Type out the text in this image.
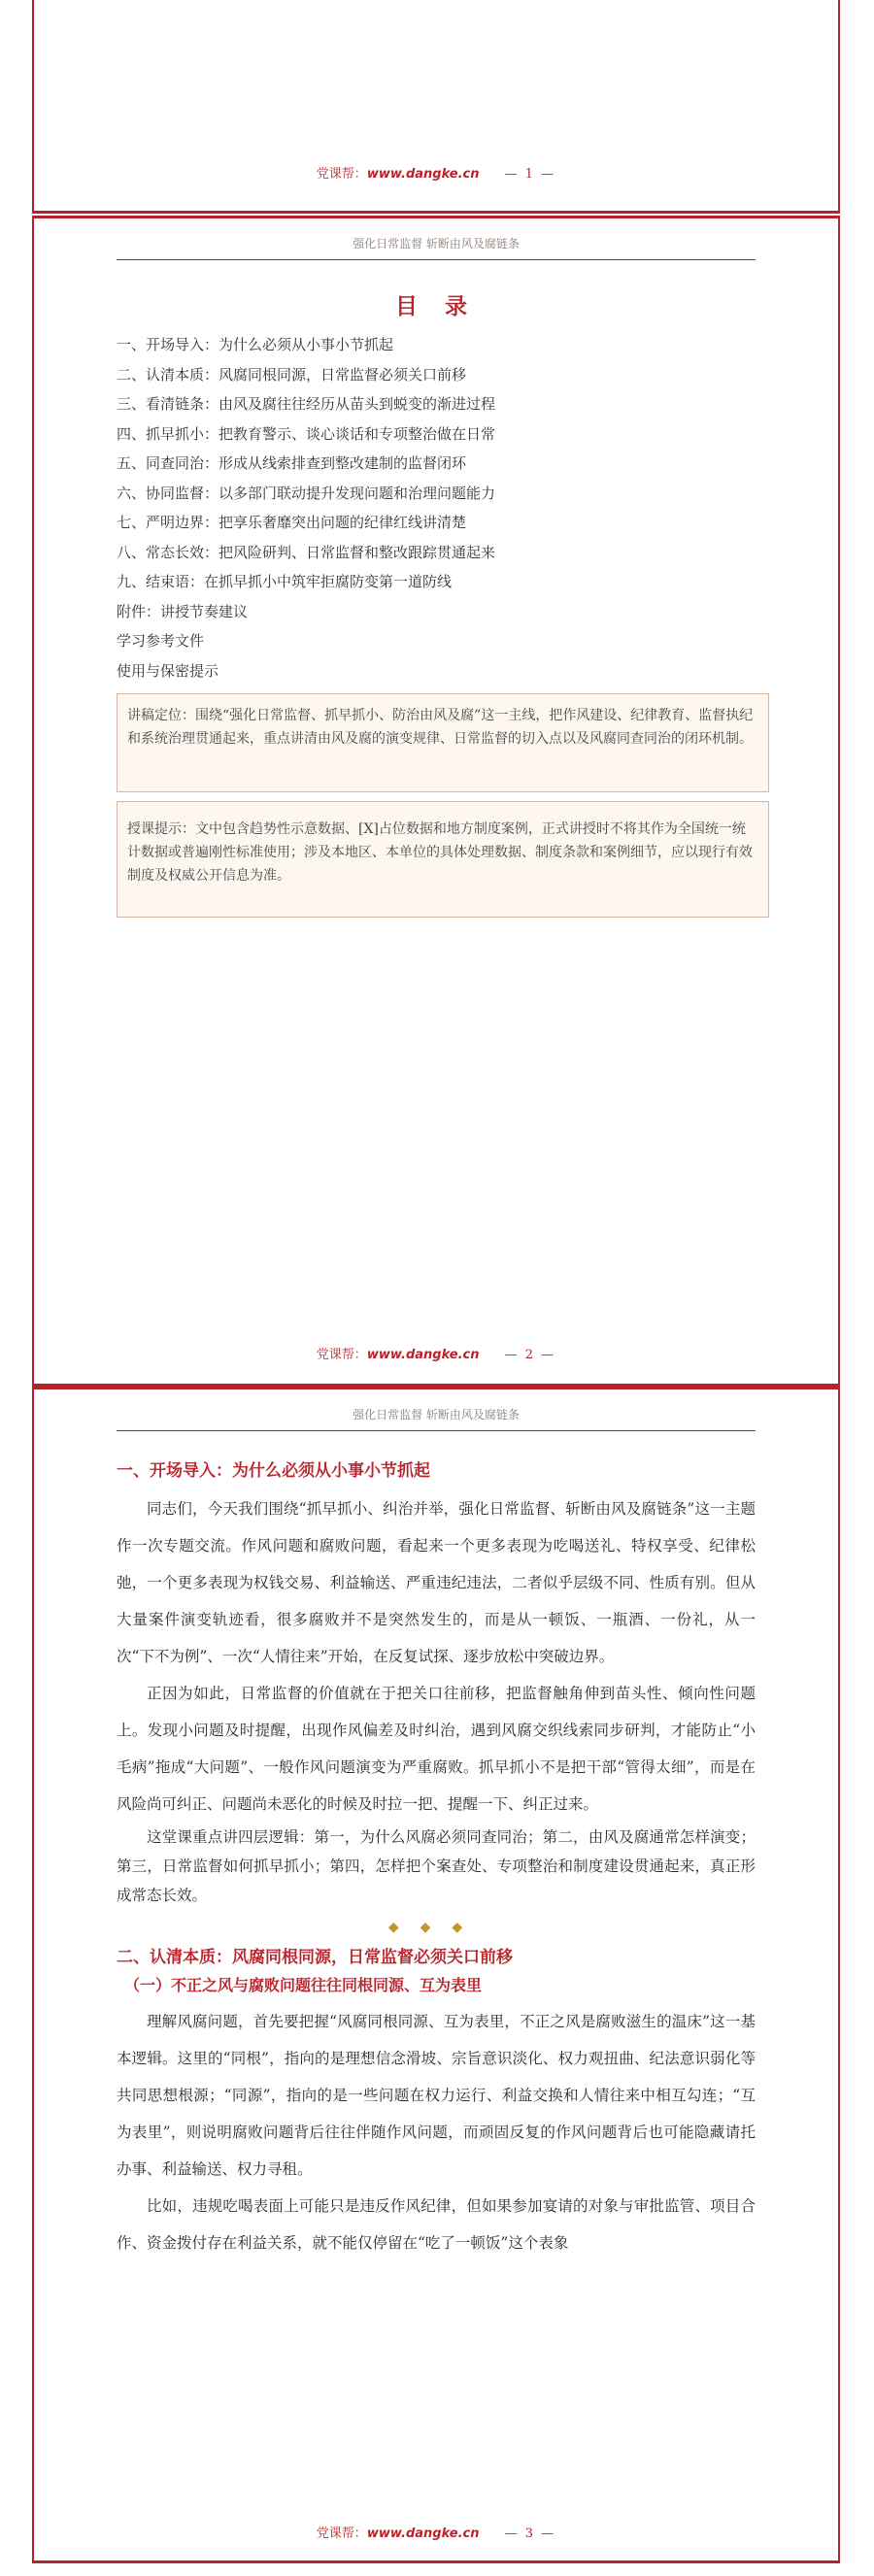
党课帮：www.dangke.cn — 1 —
强化日常监督 斩断由风及腐链条
目 录
一、开场导入：为什么必须从小事小节抓起
二、认清本质：风腐同根同源，日常监督必须关口前移
三、看清链条：由风及腐往往经历从苗头到蜕变的渐进过程
四、抓早抓小：把教育警示、谈心谈话和专项整治做在日常
五、同查同治：形成从线索排查到整改建制的监督闭环
六、协同监督：以多部门联动提升发现问题和治理问题能力
七、严明边界：把享乐奢靡突出问题的纪律红线讲清楚
八、常态长效：把风险研判、日常监督和整改跟踪贯通起来
九、结束语：在抓早抓小中筑牢拒腐防变第一道防线
附件：讲授节奏建议
学习参考文件
使用与保密提示
讲稿定位：围绕“强化日常监督、抓早抓小、防治由风及腐”这一主线，把作风建设、纪律教育、监督执纪和系统治理贯通起来，重点讲清由风及腐的演变规律、日常监督的切入点以及风腐同查同治的闭环机制。
授课提示：文中包含趋势性示意数据、[X]占位数据和地方制度案例，正式讲授时不将其作为全国统一统计数据或普遍刚性标准使用；涉及本地区、本单位的具体处理数据、制度条款和案例细节，应以现行有效制度及权威公开信息为准。
党课帮：www.dangke.cn — 2 —
强化日常监督 斩断由风及腐链条
一、开场导入：为什么必须从小事小节抓起

同志们，今天我们围绕“抓早抓小、纠治并举，强化日常监督、斩断由风及腐链条”这一主题作一次专题交流。作风问题和腐败问题，看起来一个更多表现为吃喝送礼、特权享受、纪律松弛，一个更多表现为权钱交易、利益输送、严重违纪违法，二者似乎层级不同、性质有别。但从大量案件演变轨迹看，很多腐败并不是突然发生的，而是从一顿饭、一瓶酒、一份礼，从一次“下不为例”、一次“人情往来”开始，在反复试探、逐步放松中突破边界。

正因为如此，日常监督的价值就在于把关口往前移，把监督触角伸到苗头性、倾向性问题上。发现小问题及时提醒，出现作风偏差及时纠治，遇到风腐交织线索同步研判，才能防止“小毛病”拖成“大问题”、一般作风问题演变为严重腐败。抓早抓小不是把干部“管得太细”，而是在风险尚可纠正、问题尚未恶化的时候及时拉一把、提醒一下、纠正过来。

这堂课重点讲四层逻辑：第一，为什么风腐必须同查同治；第二，由风及腐通常怎样演变；第三，日常监督如何抓早抓小；第四，怎样把个案查处、专项整治和制度建设贯通起来，真正形成常态长效。

◆◆◆
二、认清本质：风腐同根同源，日常监督必须关口前移
（一）不正之风与腐败问题往往同根同源、互为表里

理解风腐问题，首先要把握“风腐同根同源、互为表里，不正之风是腐败滋生的温床”这一基本逻辑。这里的“同根”，指向的是理想信念滑坡、宗旨意识淡化、权力观扭曲、纪法意识弱化等共同思想根源；“同源”，指向的是一些问题在权力运行、利益交换和人情往来中相互勾连；“互为表里”，则说明腐败问题背后往往伴随作风问题，而顽固反复的作风问题背后也可能隐藏请托办事、利益输送、权力寻租。

比如，违规吃喝表面上可能只是违反作风纪律，但如果参加宴请的对象与审批监管、项目合作、资金拨付存在利益关系，就不能仅停留在“吃了一顿饭”这个表象

党课帮：www.dangke.cn — 3 —
